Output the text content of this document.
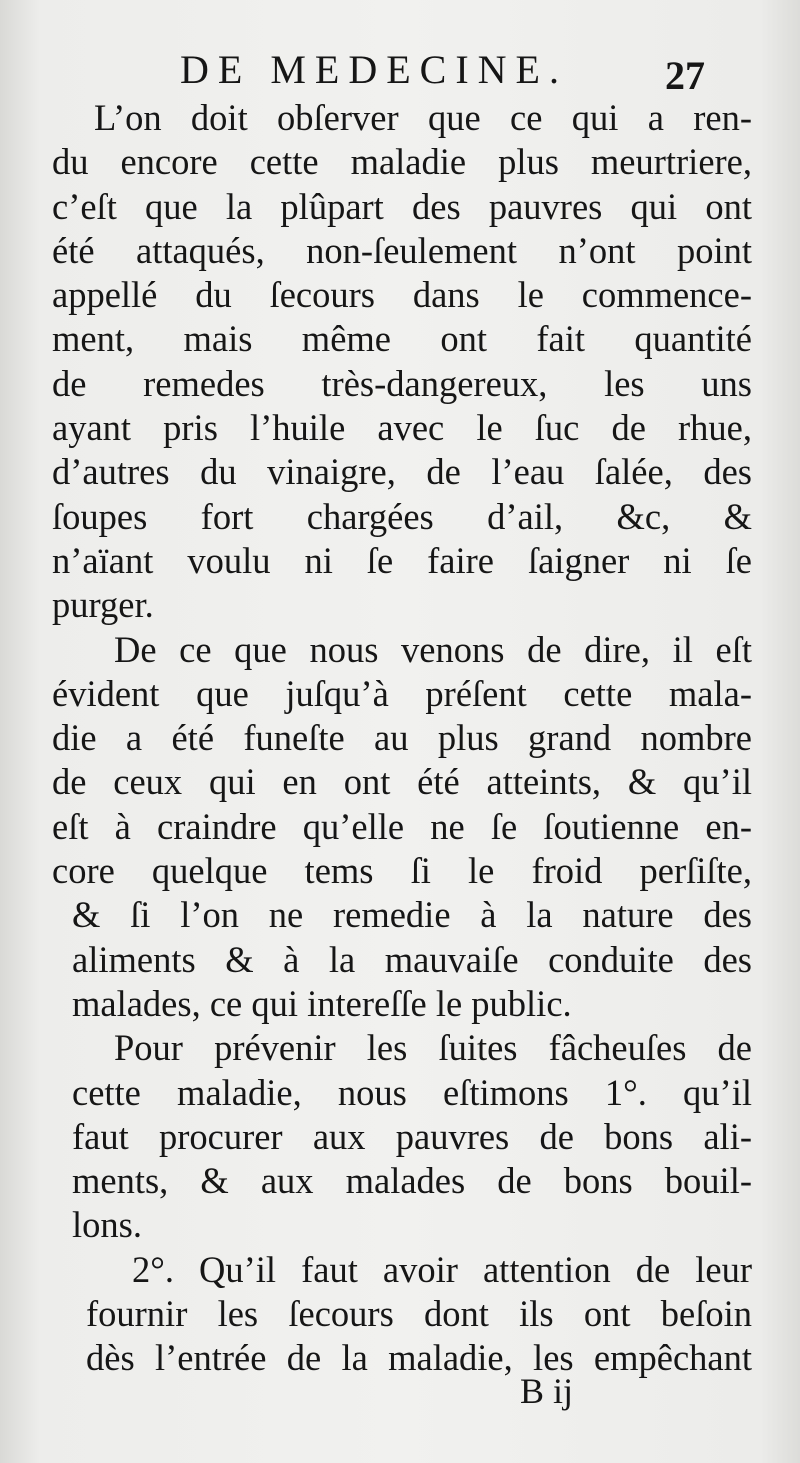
DE MEDECINE. 27
L’on doit obſerver que ce qui a ren-
du encore cette maladie plus meurtriere,
c’eſt que la plûpart des pauvres qui ont
été attaqués, non-ſeulement n’ont point
appellé du ſecours dans le commence-
ment, mais même ont fait quantité
de remedes très-dangereux, les uns
ayant pris l’huile avec le ſuc de rhue,
d’autres du vinaigre, de l’eau ſalée, des
ſoupes fort chargées d’ail, &c, &
n’aïant voulu ni ſe faire ſaigner ni ſe
purger.
De ce que nous venons de dire, il eſt
évident que juſqu’à préſent cette mala-
die a été funeſte au plus grand nombre
de ceux qui en ont été atteints, & qu’il
eſt à craindre qu’elle ne ſe ſoutienne en-
core quelque tems ſi le froid perſiſte,
& ſi l’on ne remedie à la nature des
aliments & à la mauvaiſe conduite des
malades, ce qui intereſſe le public.
Pour prévenir les ſuites fâcheuſes de
cette maladie, nous eſtimons 1°. qu’il
faut procurer aux pauvres de bons ali-
ments, & aux malades de bons bouil-
lons.
2°. Qu’il faut avoir attention de leur
fournir les ſecours dont ils ont beſoin
dès l’entrée de la maladie, les empêchant
B ij
